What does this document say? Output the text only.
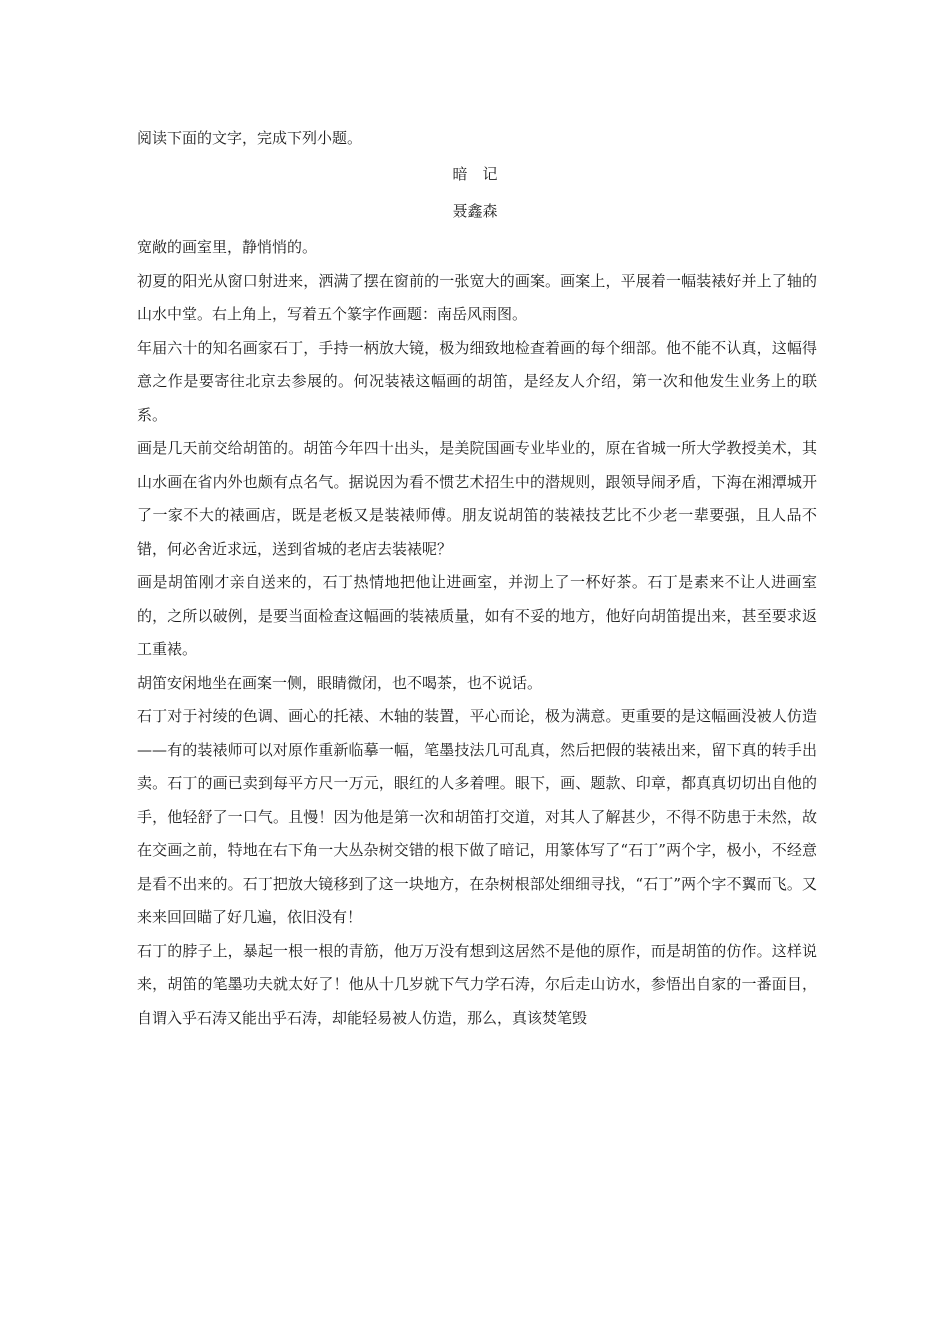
阅读下面的文字，完成下列小题。
暗　记
聂鑫森

宽敞的画室里，静悄悄的。

初夏的阳光从窗口射进来，洒满了摆在窗前的一张宽大的画案。画案上，平展着一幅装裱好并上了轴的山水中堂。右上角上，写着五个篆字作画题：南岳风雨图。

年届六十的知名画家石丁，手持一柄放大镜，极为细致地检查着画的每个细部。他不能不认真，这幅得意之作是要寄往北京去参展的。何况装裱这幅画的胡笛，是经友人介绍，第一次和他发生业务上的联系。

画是几天前交给胡笛的。胡笛今年四十出头，是美院国画专业毕业的，原在省城一所大学教授美术，其山水画在省内外也颇有点名气。据说因为看不惯艺术招生中的潜规则，跟领导闹矛盾，下海在湘潭城开了一家不大的裱画店，既是老板又是装裱师傅。朋友说胡笛的装裱技艺比不少老一辈要强，且人品不错，何必舍近求远，送到省城的老店去装裱呢？

画是胡笛刚才亲自送来的，石丁热情地把他让进画室，并沏上了一杯好茶。石丁是素来不让人进画室的，之所以破例，是要当面检查这幅画的装裱质量，如有不妥的地方，他好向胡笛提出来，甚至要求返工重裱。

胡笛安闲地坐在画案一侧，眼睛微闭，也不喝茶，也不说话。

石丁对于衬绫的色调、画心的托裱、木轴的装置，平心而论，极为满意。更重要的是这幅画没被人仿造——有的装裱师可以对原作重新临摹一幅，笔墨技法几可乱真，然后把假的装裱出来，留下真的转手出卖。石丁的画已卖到每平方尺一万元，眼红的人多着哩。眼下，画、题款、印章，都真真切切出自他的手，他轻舒了一口气。且慢！因为他是第一次和胡笛打交道，对其人了解甚少，不得不防患于未然，故在交画之前，特地在右下角一大丛杂树交错的根下做了暗记，用篆体写了“石丁”两个字，极小，不经意是看不出来的。石丁把放大镜移到了这一块地方，在杂树根部处细细寻找，“石丁”两个字不翼而飞。又来来回回瞄了好几遍，依旧没有！

石丁的脖子上，暴起一根一根的青筋，他万万没有想到这居然不是他的原作，而是胡笛的仿作。这样说来，胡笛的笔墨功夫就太好了！他从十几岁就下气力学石涛，尔后走山访水，参悟出自家的一番面目，自谓入乎石涛又能出乎石涛，却能轻易被人仿造，那么，真该焚笔毁
